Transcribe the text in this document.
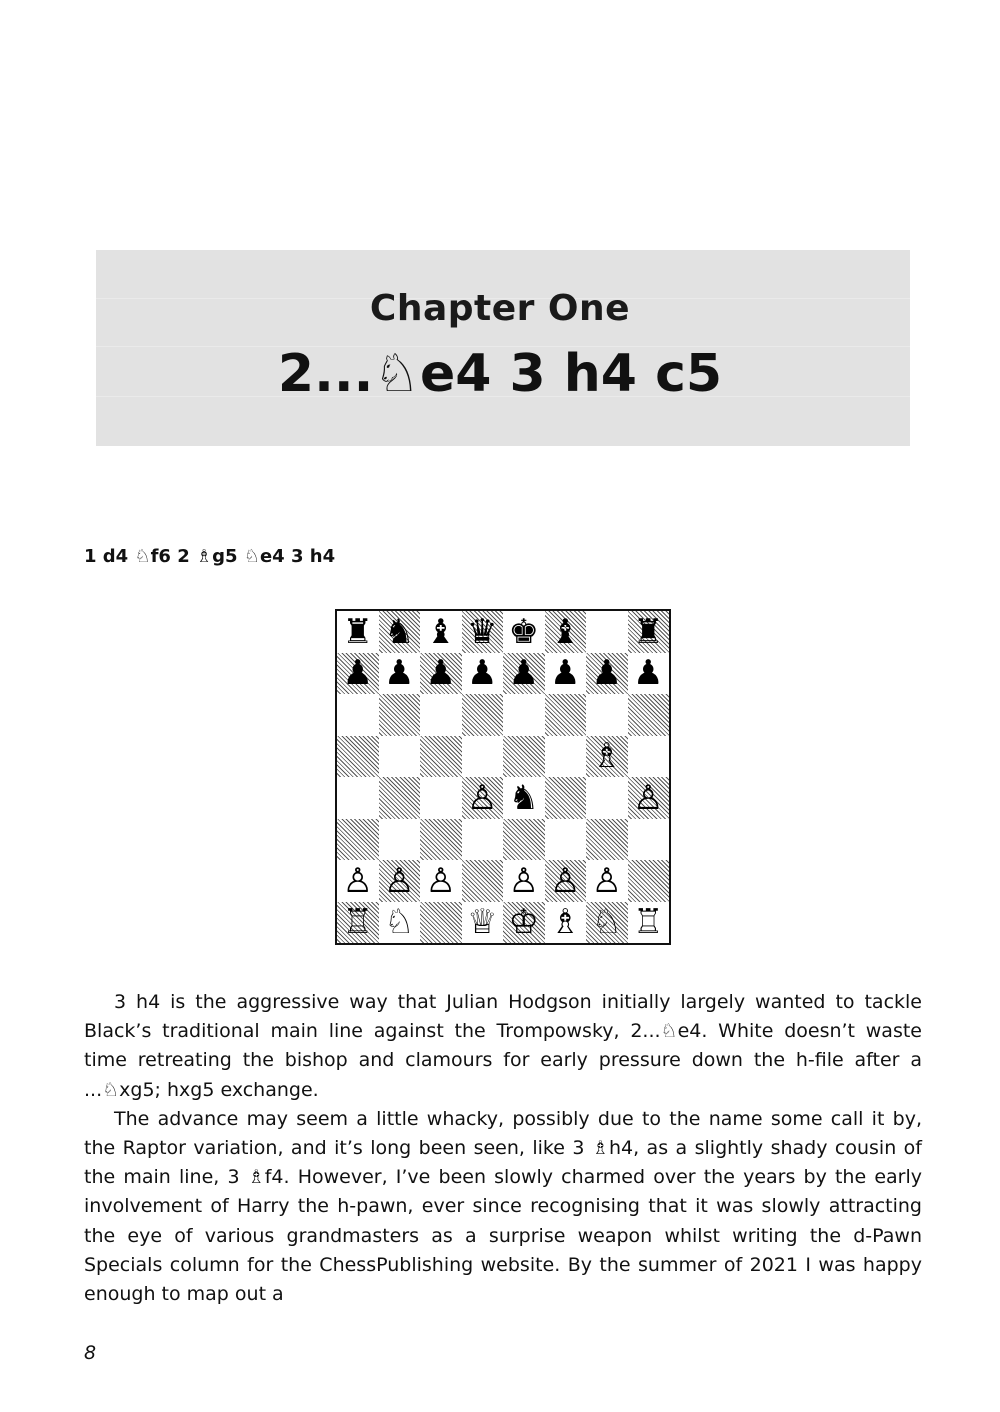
Chapter One
2...♘e4 3 h4 c5
1 d4 ♘f6 2 ♗g5 ♘e4 3 h4
♜ ♞ ♝ ♛ ♚ ♝ ♜
♟ ♟ ♟ ♟ ♟ ♟ ♟ ♟
♗
♙ ♞	♙
♙ ♙ ♙ ♙ ♙ ♙
♖ ♘ ♕ ♔ ♗ ♘ ♖

3 h4 is the aggressive way that Julian Hodgson initially largely wanted to tackle Black’s traditional main line against the Trompowsky, 2...♘e4. White doesn’t waste time retreating the bishop and clamours for early pressure down the h-file after a ...♘xg5; hxg5 exchange.

The advance may seem a little whacky, possibly due to the name some call it by, the Raptor variation, and it’s long been seen, like 3 ♗h4, as a slightly shady cousin of the main line, 3 ♗f4. However, I’ve been slowly charmed over the years by the early involvement of Harry the h-pawn, ever since recognising that it was slowly attracting the eye of various grandmasters as a surprise weapon whilst writing the d-Pawn Specials column for the ChessPublishing website. By the summer of 2021 I was happy enough to map out a

8
